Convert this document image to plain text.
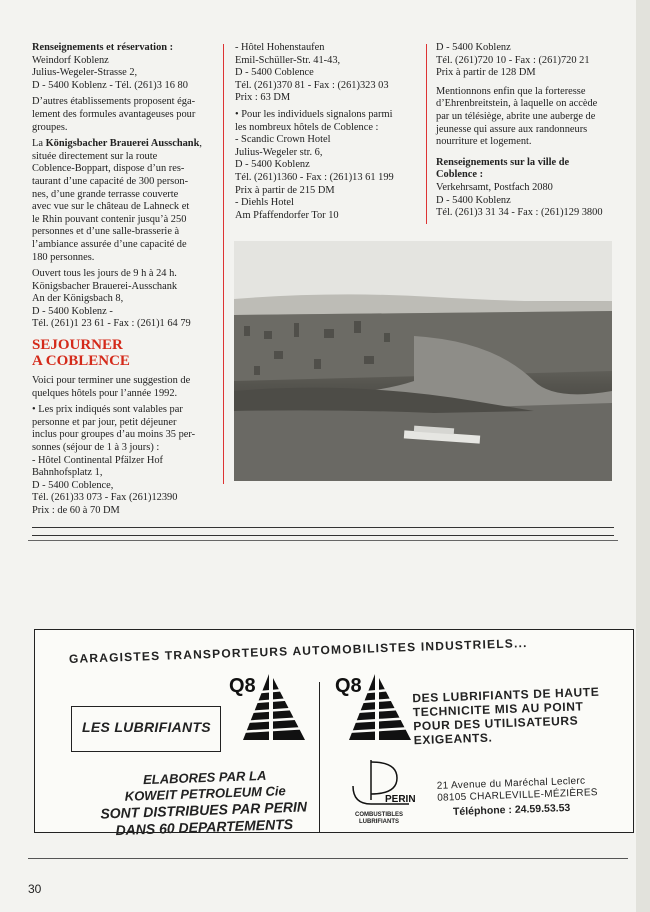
Renseignements et réservation :
Weindorf Koblenz
Julius-Wegeler-Strasse 2,
D - 5400 Koblenz - Tél. (261)3 16 80

D’autres établissements proposent éga-
lement des formules avantageuses pour
groupes.

La Königsbacher Brauerei Ausschank, située directement sur la route
Coblence-Boppart, dispose d’un res-
taurant d’une capacité de 300 person-
nes, d’une grande terrasse couverte
avec vue sur le château de Lahneck et
le Rhin pouvant contenir jusqu’à 250
personnes et d’une salle-brasserie à
l’ambiance assurée d’une capacité de
180 personnes.

Ouvert tous les jours de 9 h à 24 h.
Königsbacher Brauerei-Ausschank
An der Königsbach 8,
D - 5400 Koblenz -
Tél. (261)1 23 61 - Fax : (261)1 64 79

SEJOURNER
A COBLENCE

Voici pour terminer une suggestion de
quelques hôtels pour l’année 1992.

• Les prix indiqués sont valables par
personne et par jour, petit déjeuner
inclus pour groupes d’au moins 35 per-
sonnes (séjour de 1 à 3 jours) :
- Hôtel Continental Pfälzer Hof
Bahnhofsplatz 1,
D - 5400 Coblence,
Tél. (261)33 073 - Fax (261)12390
Prix : de 60 à 70 DM

- Hôtel Hohenstaufen
Emil-Schüller-Str. 41-43,
D - 5400 Coblence
Tél. (261)370 81 - Fax : (261)323 03
Prix : 63 DM

• Pour les individuels signalons parmi
les nombreux hôtels de Coblence :
- Scandic Crown Hotel
Julius-Wegeler str. 6,
D - 5400 Koblenz
Tél. (261)1360 - Fax : (261)13 61 199
Prix à partir de 215 DM
- Diehls Hotel
Am Pfaffendorfer Tor 10

D - 5400 Koblenz
Tél. (261)720 10 - Fax : (261)720 21
Prix à partir de 128 DM

Mentionnons enfin que la forteresse
d’Ehrenbreitstein, à laquelle on accède
par un télésiège, abrite une auberge de
jeunesse qui assure aux randonneurs
nourriture et logement.

Renseignements sur la ville de
Coblence :
Verkehrsamt, Postfach 2080
D - 5400 Koblenz
Tél. (261)3 31 34 - Fax : (261)129 3800

GARAGISTES TRANSPORTEURS AUTOMOBILISTES INDUSTRIELS...
LES LUBRIFIANTS
Q8	Q8	DES LUBRIFIANTS DE HAUTE
TECHNICITE MIS AU POINT
POUR DES UTILISATEURS
EXIGEANTS.
ELABORES PAR LA
KOWEIT PETROLEUM Cie
SONT DISTRIBUES PAR PERIN
DANS 60 DEPARTEMENTS
PERIN
COMBUSTIBLES
LUBRIFIANTS
21 Avenue du Maréchal Leclerc
08105 CHARLEVILLE-MÉZIÈRES
Téléphone : 24.59.53.53
30
